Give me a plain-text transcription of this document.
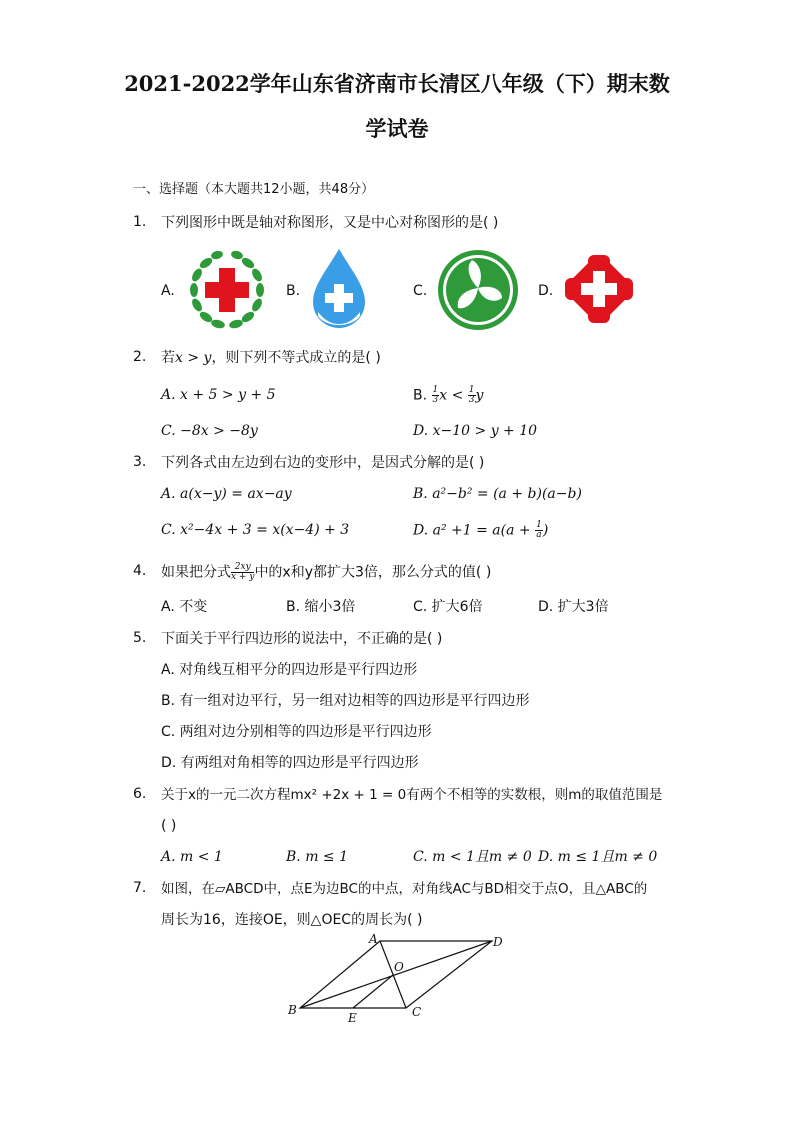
2021-2022学年山东省济南市长清区八年级（下）期末数
学试卷
一、选择题（本大题共12小题，共48分）
1. 下列图形中既是轴对称图形，又是中心对称图形的是( )
A.	B.	C.	D.
2. 若x > y，则下列不等式成立的是( )
A. x + 5 > y + 5	B. $\frac{1}{3}$ $x < \frac{1}{3}$ y
C. −8x > −8y	D. x−10 > y + 10
3. 下列各式由左边到右边的变形中，是因式分解的是( )
A. a(x−y) = ax−ay	B. a²−b² = (a + b)(a−b)
C. x²−4x + 3 = x(x−4) + 3	D. $a^2 +1 = a(a + \frac{1}{a}$ )
4. 如果把分式 $\frac{2xy}{x + y}$ 中的x和y都扩大3倍，那么分式的值( )
A. 不变	B. 缩小3倍	C. 扩大6倍	D. 扩大3倍
5. 下面关于平行四边形的说法中，不正确的是( )
A. 对角线互相平分的四边形是平行四边形
B. 有一组对边平行，另一组对边相等的四边形是平行四边形
C. 两组对边分别相等的四边形是平行四边形
D. 有两组对角相等的四边形是平行四边形
6. 关于x的一元二次方程mx² +2x + 1 = 0有两个不相等的实数根，则m的取值范围是
( )
A. m < 1	B. m ≤ 1	C. m < 1且m ≠ 0 D. m ≤ 1且m ≠ 0
7. 如图，在▱ABCD中，点E为边BC的中点，对角线AC与BD相交于点O，且△ABC的
周长为16，连接OE，则△OEC的周长为( )
A	D
O
B
E	C
